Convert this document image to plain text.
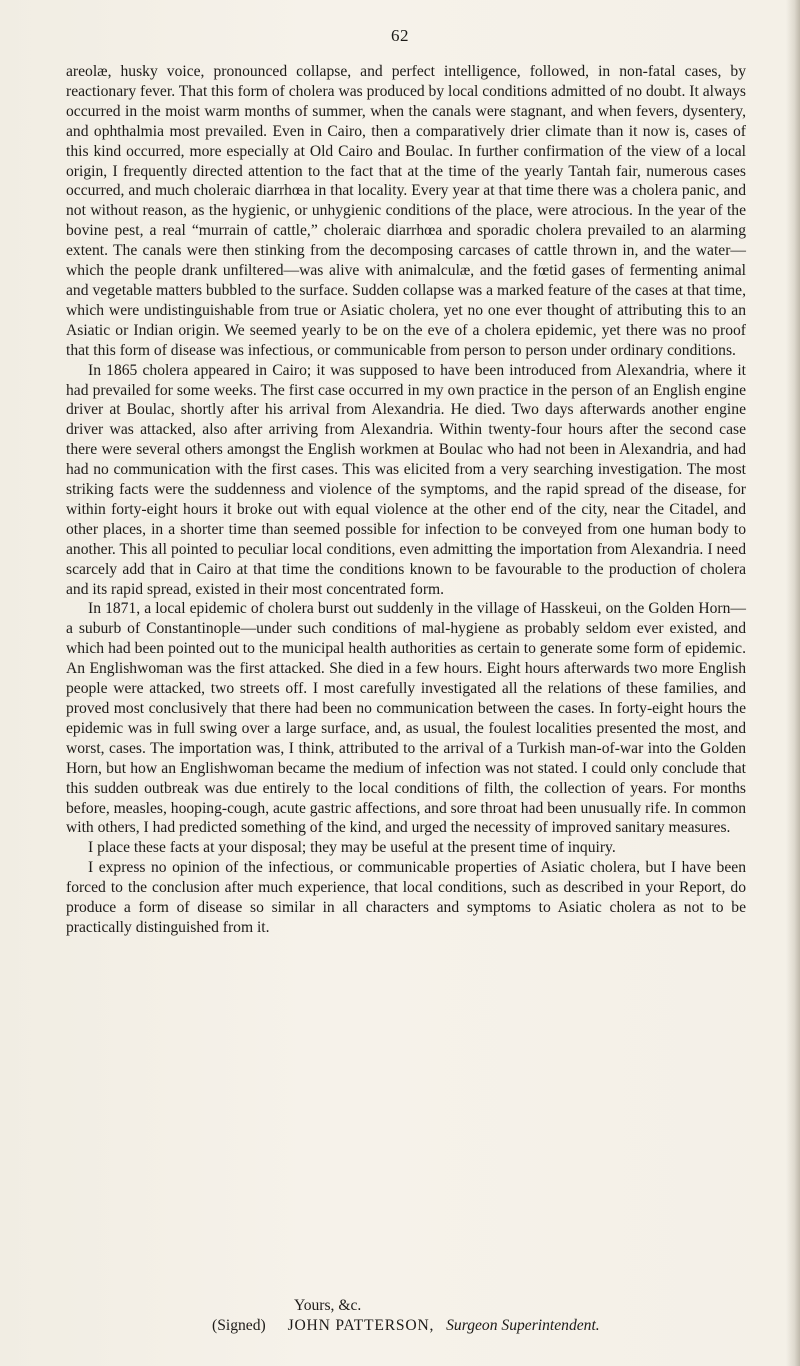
62

areolæ, husky voice, pronounced collapse, and perfect intelligence, followed, in non-fatal cases, by reactionary fever. That this form of cholera was produced by local conditions admitted of no doubt. It always occurred in the moist warm months of summer, when the canals were stagnant, and when fevers, dysentery, and ophthalmia most prevailed. Even in Cairo, then a comparatively drier climate than it now is, cases of this kind occurred, more especially at Old Cairo and Boulac. In further confirmation of the view of a local origin, I frequently directed attention to the fact that at the time of the yearly Tantah fair, numerous cases occurred, and much choleraic diarrhœa in that locality. Every year at that time there was a cholera panic, and not without reason, as the hygienic, or unhygienic conditions of the place, were atrocious. In the year of the bovine pest, a real “murrain of cattle,” choleraic diarrhœa and sporadic cholera prevailed to an alarming extent. The canals were then stinking from the decomposing carcases of cattle thrown in, and the water—which the people drank unfiltered—was alive with animalculæ, and the fœtid gases of fermenting animal and vegetable matters bubbled to the surface. Sudden collapse was a marked feature of the cases at that time, which were undistinguishable from true or Asiatic cholera, yet no one ever thought of attributing this to an Asiatic or Indian origin. We seemed yearly to be on the eve of a cholera epidemic, yet there was no proof that this form of disease was infectious, or communicable from person to person under ordinary conditions.

In 1865 cholera appeared in Cairo; it was supposed to have been introduced from Alexandria, where it had prevailed for some weeks. The first case occurred in my own practice in the person of an English engine driver at Boulac, shortly after his arrival from Alexandria. He died. Two days afterwards another engine driver was attacked, also after arriving from Alexandria. Within twenty-four hours after the second case there were several others amongst the English workmen at Boulac who had not been in Alexandria, and had had no communication with the first cases. This was elicited from a very searching investigation. The most striking facts were the suddenness and violence of the symptoms, and the rapid spread of the disease, for within forty-eight hours it broke out with equal violence at the other end of the city, near the Citadel, and other places, in a shorter time than seemed possible for infection to be conveyed from one human body to another. This all pointed to peculiar local conditions, even admitting the importation from Alexandria. I need scarcely add that in Cairo at that time the conditions known to be favourable to the production of cholera and its rapid spread, existed in their most concentrated form.

In 1871, a local epidemic of cholera burst out suddenly in the village of Hasskeui, on the Golden Horn—a suburb of Constantinople—under such conditions of mal-hygiene as probably seldom ever existed, and which had been pointed out to the municipal health authorities as certain to generate some form of epidemic. An Englishwoman was the first attacked. She died in a few hours. Eight hours afterwards two more English people were attacked, two streets off. I most carefully investigated all the relations of these families, and proved most conclusively that there had been no communication between the cases. In forty-eight hours the epidemic was in full swing over a large surface, and, as usual, the foulest localities presented the most, and worst, cases. The importation was, I think, attributed to the arrival of a Turkish man-of-war into the Golden Horn, but how an Englishwoman became the medium of infection was not stated. I could only conclude that this sudden outbreak was due entirely to the local conditions of filth, the collection of years. For months before, measles, hooping-cough, acute gastric affections, and sore throat had been unusually rife. In common with others, I had predicted something of the kind, and urged the necessity of improved sanitary measures.

I place these facts at your disposal; they may be useful at the present time of inquiry.

I express no opinion of the infectious, or communicable properties of Asiatic cholera, but I have been forced to the conclusion after much experience, that local conditions, such as described in your Report, do produce a form of disease so similar in all characters and symptoms to Asiatic cholera as not to be practically distinguished from it.

Yours, &c.
(Signed) JOHN PATTERSON, Surgeon Superintendent.
